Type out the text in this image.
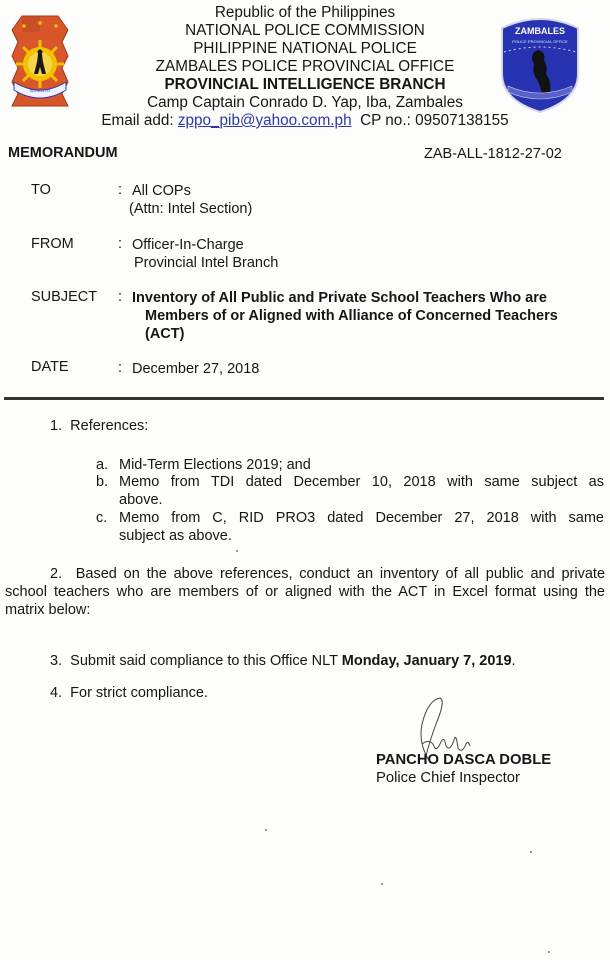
SERBISYO
Republic of the Philippines
NATIONAL POLICE COMMISSION
PHILIPPINE NATIONAL POLICE
ZAMBALES POLICE PROVINCIAL OFFICE
PROVINCIAL INTELLIGENCE BRANCH
Camp Captain Conrado D. Yap, Iba, Zambales
Email add: zppo_pib@yahoo.com.ph CP no.: 09507138155
ZAMBALES
POLICE PROVINCIAL OFFICE
MEMORANDUM	ZAB-ALL-1812-27-02
TO	: All COPs
(Attn: Intel Section)
FROM	: Officer-In-Charge
Provincial Intel Branch
SUBJECT : Inventory of All Public and Private School Teachers Who are
Members of or Aligned with Alliance of Concerned Teachers
(ACT)
DATE	: December 27, 2018
1. References:
a. Mid-Term Elections 2019; and
b. Memo from TDI dated December 10, 2018 with same subject as
above.
c. Memo from C, RID PRO3 dated December 27, 2018 with same
subject as above.
2. Based on the above references, conduct an inventory of all public and private
school teachers who are members of or aligned with the ACT in Excel format using the
matrix below:
3. Submit said compliance to this Office NLT Monday, January 7, 2019.
4. For strict compliance.
PANCHO DASCA DOBLE
Police Chief Inspector
